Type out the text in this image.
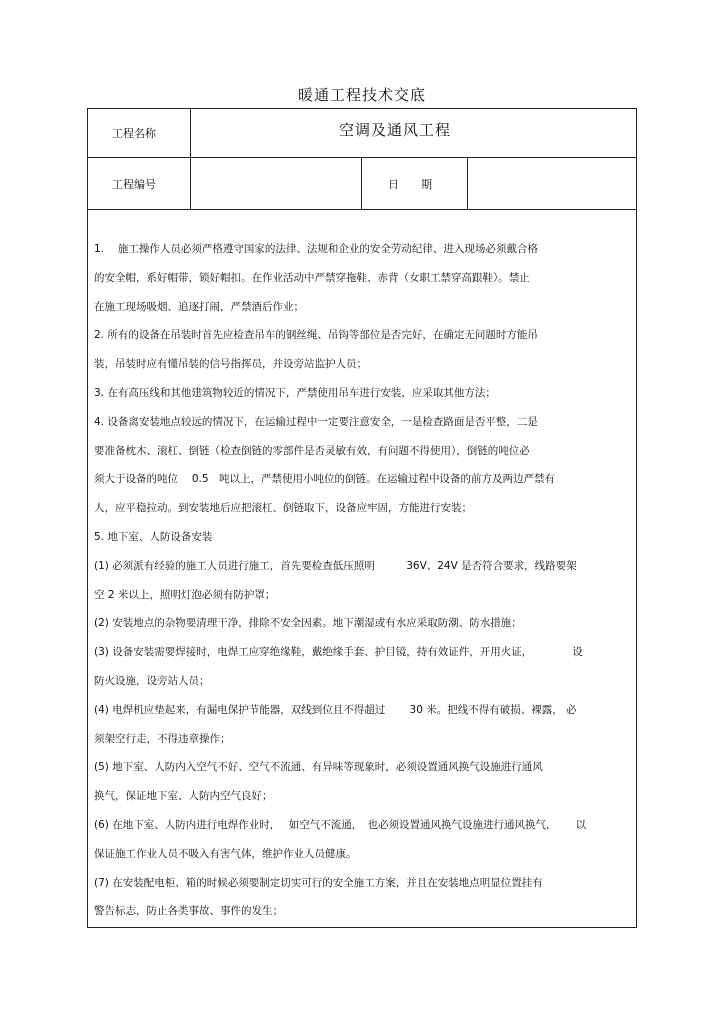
暖通工程技术交底
工程名称	空调及通风工程
工程编号	日　　期
1.　 施工操作人员必须严格遵守国家的法律、法规和企业的安全劳动纪律、进入现场必须戴合格
的安全帽，系好帽带，锁好帽扣。在作业活动中严禁穿拖鞋、赤背（女职工禁穿高跟鞋）。禁止
在施工现场吸烟、追逐打闹，严禁酒后作业；
2. 所有的设备在吊装时首先应检查吊车的钢丝绳、吊钩等部位是否完好，在确定无问题时方能吊
装，吊装时应有懂吊装的信号指挥员，并设旁站监护人员；
3. 在有高压线和其他建筑物较近的情况下，严禁使用吊车进行安装，应采取其他方法；
4. 设备离安装地点较远的情况下，在运输过程中一定要注意安全，一是检查路面是否平整，二是
要准备枕木、滚杠、倒链（检查倒链的零部件是否灵敏有效，有问题不得使用），倒链的吨位必
须大于设备的吨位　 0.5　吨以上，严禁使用小吨位的倒链。在运输过程中设备的前方及两边严禁有
人，应平稳拉动。到安装地后应把滚杠、倒链取下，设备应牢固，方能进行安装；
5. 地下室、人防设备安装
(1) 必须派有经验的施工人员进行施工，首先要检查低压照明　　　36V、24V 是否符合要求，线路要架
空 2 米以上，照明灯泡必须有防护罩；
(2) 安装地点的杂物要清理干净，排除不安全因素。地下潮湿或有水应采取防潮、防水措施；
(3) 设备安装需要焊接时，电焊工应穿绝缘鞋，戴绝缘手套、护目镜，持有效证件，开用火证，　　　　 设
防火设施，设旁站人员；
(4) 电焊机应垫起来，有漏电保护节能器，双线到位且不得超过　　 30 米。把线不得有破损、裸露， 必
须架空行走，不得违章操作；
(5) 地下室、人防内入空气不好、空气不流通、有异味等现象时，必须设置通风换气设施进行通风
换气，保证地下室、人防内空气良好；
(6) 在地下室、人防内进行电焊作业时，　 如空气不流通，　也必须设置通风换气设施进行通风换气，　　 以
保证施工作业人员不吸入有害气体，维护作业人员健康。
(7) 在安装配电柜、箱的时候必须要制定切实可行的安全施工方案，并且在安装地点明显位置挂有
警告标志，防止各类事故、事件的发生；
